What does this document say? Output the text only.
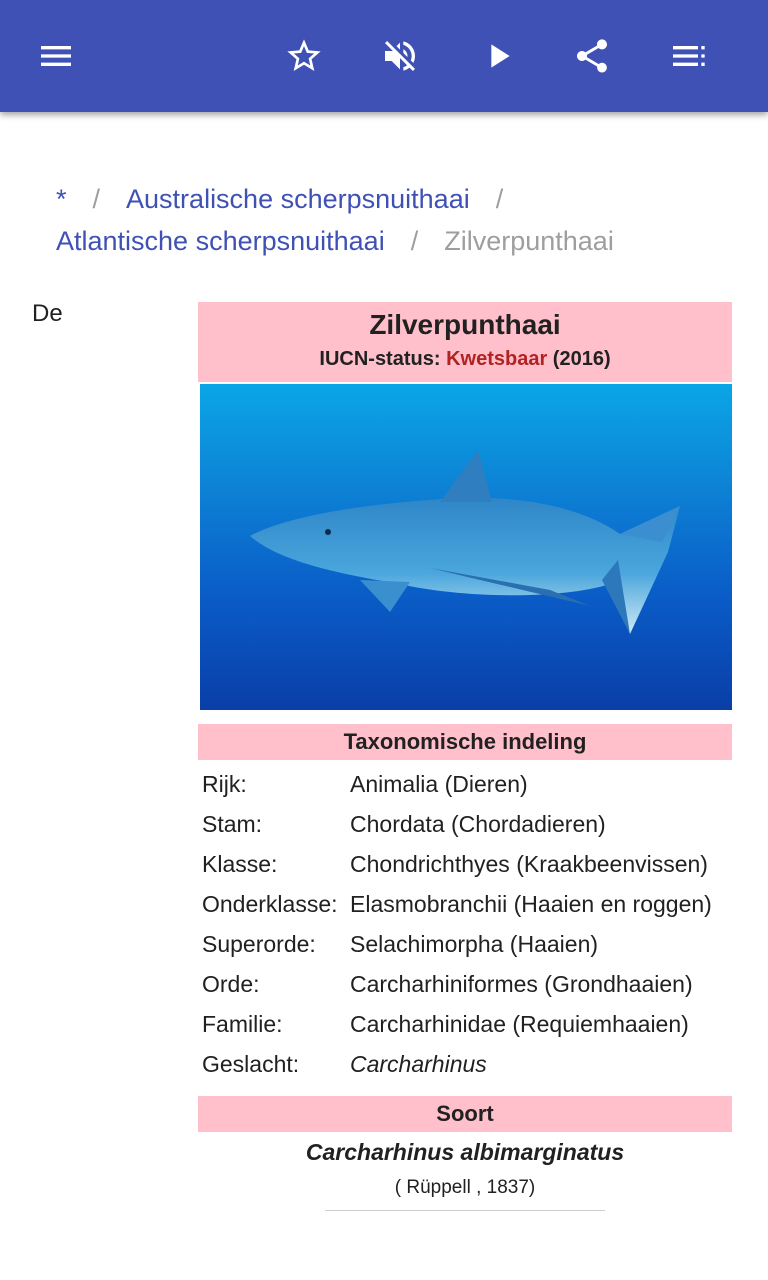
* / Australische scherpsnuithaai /
Atlantische scherpsnuithaai / Zilverpunthaai
De	Zilverpunthaai
IUCN-status: Kwetsbaar (2016)
Taxonomische indeling
Rijk:	Animalia (Dieren)
Stam:	Chordata (Chordadieren)
Klasse:	Chondrichthyes (Kraakbeenvissen)
Onderklasse:	Elasmobranchii (Haaien en roggen)
Superorde:	Selachimorpha (Haaien)
Orde:	Carcharhiniformes (Grondhaaien)
Familie:	Carcharhinidae (Requiemhaaien)
Geslacht:	Carcharhinus
Soort
Carcharhinus albimarginatus
( Rüppell , 1837)
